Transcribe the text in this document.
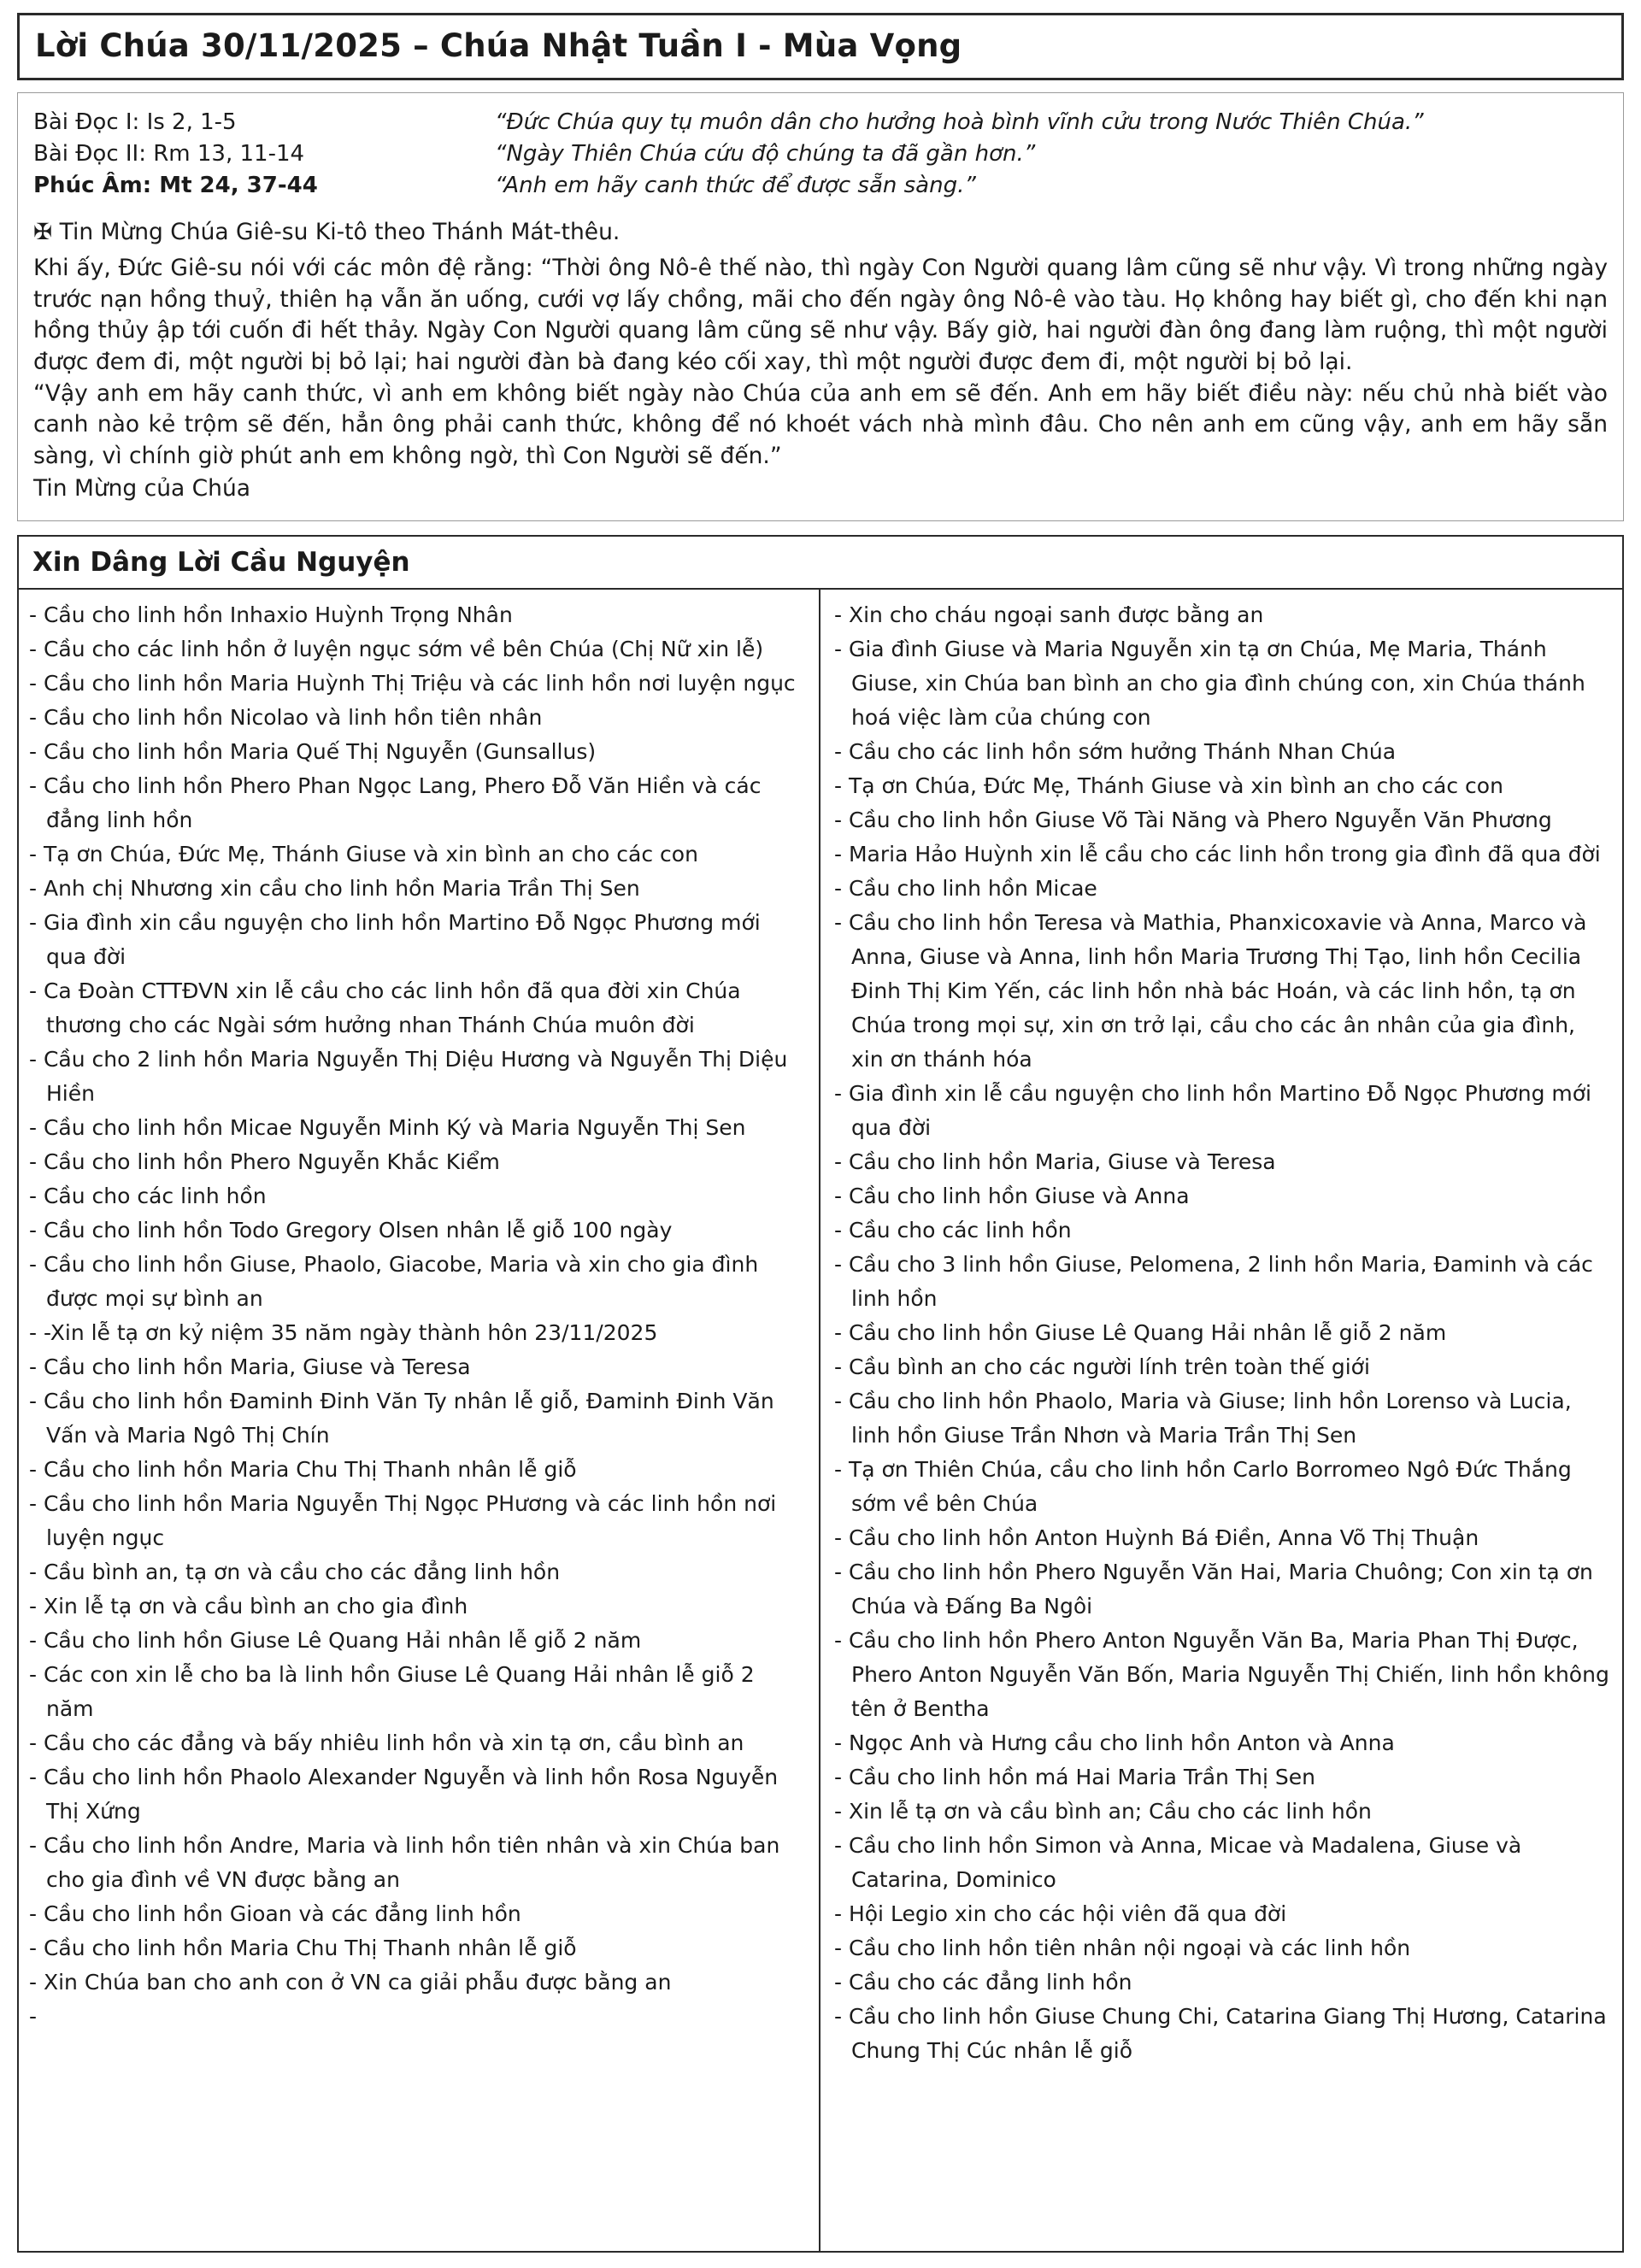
Lời Chúa 30/11/2025 – Chúa Nhật Tuần I - Mùa Vọng
Bài Đọc I: Is 2, 1-5	“Đức Chúa quy tụ muôn dân cho hưởng hoà bình vĩnh cửu trong Nước Thiên Chúa.”
Bài Đọc II: Rm 13, 11-14	“Ngày Thiên Chúa cứu độ chúng ta đã gần hơn.”
Phúc Âm: Mt 24, 37-44	“Anh em hãy canh thức để được sẵn sàng.”
✠ Tin Mừng Chúa Giê-su Ki-tô theo Thánh Mát-thêu.
Khi ấy, Đức Giê-su nói với các môn đệ rằng: “Thời ông Nô-ê thế nào, thì ngày Con Người quang lâm cũng sẽ như vậy. Vì trong những ngày trước nạn hồng thuỷ, thiên hạ vẫn ăn uống, cưới vợ lấy chồng, mãi cho đến ngày ông Nô-ê vào tàu. Họ không hay biết gì, cho đến khi nạn hồng thủy ập tới cuốn đi hết thảy. Ngày Con Người quang lâm cũng sẽ như vậy. Bấy giờ, hai người đàn ông đang làm ruộng, thì một người được đem đi, một người bị bỏ lại; hai người đàn bà đang kéo cối xay, thì một người được đem đi, một người bị bỏ lại.
“Vậy anh em hãy canh thức, vì anh em không biết ngày nào Chúa của anh em sẽ đến. Anh em hãy biết điều này: nếu chủ nhà biết vào canh nào kẻ trộm sẽ đến, hẳn ông phải canh thức, không để nó khoét vách nhà mình đâu. Cho nên anh em cũng vậy, anh em hãy sẵn sàng, vì chính giờ phút anh em không ngờ, thì Con Người sẽ đến.”
Tin Mừng của Chúa
Xin Dâng Lời Cầu Nguyện
- Cầu cho linh hồn Inhaxio Huỳnh Trọng Nhân
- Cầu cho các linh hồn ở luyện ngục sớm về bên Chúa (Chị Nữ xin lễ)
- Cầu cho linh hồn Maria Huỳnh Thị Triệu và các linh hồn nơi luyện ngục
- Cầu cho linh hồn Nicolao và linh hồn tiên nhân
- Cầu cho linh hồn Maria Quế Thị Nguyễn (Gunsallus)
- Cầu cho linh hồn Phero Phan Ngọc Lang, Phero Đỗ Văn Hiền và các đẳng linh hồn
- Tạ ơn Chúa, Đức Mẹ, Thánh Giuse và xin bình an cho các con
- Anh chị Nhương xin cầu cho linh hồn Maria Trần Thị Sen
- Gia đình xin cầu nguyện cho linh hồn Martino Đỗ Ngọc Phương mới qua đời
- Ca Đoàn CTTĐVN xin lễ cầu cho các linh hồn đã qua đời xin Chúa thương cho các Ngài sớm hưởng nhan Thánh Chúa muôn đời
- Cầu cho 2 linh hồn Maria Nguyễn Thị Diệu Hương và Nguyễn Thị Diệu Hiền
- Cầu cho linh hồn Micae Nguyễn Minh Ký và Maria Nguyễn Thị Sen
- Cầu cho linh hồn Phero Nguyễn Khắc Kiểm
- Cầu cho các linh hồn
- Cầu cho linh hồn Todo Gregory Olsen nhân lễ giỗ 100 ngày
- Cầu cho linh hồn Giuse, Phaolo, Giacobe, Maria và xin cho gia đình được mọi sự bình an
- -Xin lễ tạ ơn kỷ niệm 35 năm ngày thành hôn 23/11/2025
- Cầu cho linh hồn Maria, Giuse và Teresa
- Cầu cho linh hồn Đaminh Đinh Văn Ty nhân lễ giỗ, Đaminh Đinh Văn Vấn và Maria Ngô Thị Chín
- Cầu cho linh hồn Maria Chu Thị Thanh nhân lễ giỗ
- Cầu cho linh hồn Maria Nguyễn Thị Ngọc PHương và các linh hồn nơi luyện ngục
- Cầu bình an, tạ ơn và cầu cho các đẳng linh hồn
- Xin lễ tạ ơn và cầu bình an cho gia đình
- Cầu cho linh hồn Giuse Lê Quang Hải nhân lễ giỗ 2 năm
- Các con xin lễ cho ba là linh hồn Giuse Lê Quang Hải nhân lễ giỗ 2 năm
- Cầu cho các đẳng và bấy nhiêu linh hồn và xin tạ ơn, cầu bình an
- Cầu cho linh hồn Phaolo Alexander Nguyễn và linh hồn Rosa Nguyễn Thị Xứng
- Cầu cho linh hồn Andre, Maria và linh hồn tiên nhân và xin Chúa ban cho gia đình về VN được bằng an
- Cầu cho linh hồn Gioan và các đẳng linh hồn
- Cầu cho linh hồn Maria Chu Thị Thanh nhân lễ giỗ
- Xin Chúa ban cho anh con ở VN ca giải phẫu được bằng an
-
- Xin cho cháu ngoại sanh được bằng an
- Gia đình Giuse và Maria Nguyễn xin tạ ơn Chúa, Mẹ Maria, Thánh Giuse, xin Chúa ban bình an cho gia đình chúng con, xin Chúa thánh hoá việc làm của chúng con
- Cầu cho các linh hồn sớm hưởng Thánh Nhan Chúa
- Tạ ơn Chúa, Đức Mẹ, Thánh Giuse và xin bình an cho các con
- Cầu cho linh hồn Giuse Võ Tài Năng và Phero Nguyễn Văn Phương
- Maria Hảo Huỳnh xin lễ cầu cho các linh hồn trong gia đình đã qua đời
- Cầu cho linh hồn Micae
- Cầu cho linh hồn Teresa và Mathia, Phanxicoxavie và Anna, Marco và Anna, Giuse và Anna, linh hồn Maria Trương Thị Tạo, linh hồn Cecilia Đinh Thị Kim Yến, các linh hồn nhà bác Hoán, và các linh hồn, tạ ơn Chúa trong mọi sự, xin ơn trở lại, cầu cho các ân nhân của gia đình, xin ơn thánh hóa
- Gia đình xin lễ cầu nguyện cho linh hồn Martino Đỗ Ngọc Phương mới qua đời
- Cầu cho linh hồn Maria, Giuse và Teresa
- Cầu cho linh hồn Giuse và Anna
- Cầu cho các linh hồn
- Cầu cho 3 linh hồn Giuse, Pelomena, 2 linh hồn Maria, Đaminh và các linh hồn
- Cầu cho linh hồn Giuse Lê Quang Hải nhân lễ giỗ 2 năm
- Cầu bình an cho các người lính trên toàn thế giới
- Cầu cho linh hồn Phaolo, Maria và Giuse; linh hồn Lorenso và Lucia, linh hồn Giuse Trần Nhơn và Maria Trần Thị Sen
- Tạ ơn Thiên Chúa, cầu cho linh hồn Carlo Borromeo Ngô Đức Thắng sớm về bên Chúa
- Cầu cho linh hồn Anton Huỳnh Bá Điền, Anna Võ Thị Thuận
- Cầu cho linh hồn Phero Nguyễn Văn Hai, Maria Chuông; Con xin tạ ơn Chúa và Đấng Ba Ngôi
- Cầu cho linh hồn Phero Anton Nguyễn Văn Ba, Maria Phan Thị Được, Phero Anton Nguyễn Văn Bốn, Maria Nguyễn Thị Chiến, linh hồn không tên ở Bentha
- Ngọc Anh và Hưng cầu cho linh hồn Anton và Anna
- Cầu cho linh hồn má Hai Maria Trần Thị Sen
- Xin lễ tạ ơn và cầu bình an; Cầu cho các linh hồn
- Cầu cho linh hồn Simon và Anna, Micae và Madalena, Giuse và Catarina, Dominico
- Hội Legio xin cho các hội viên đã qua đời
- Cầu cho linh hồn tiên nhân nội ngoại và các linh hồn
- Cầu cho các đẳng linh hồn
- Cầu cho linh hồn Giuse Chung Chi, Catarina Giang Thị Hương, Catarina Chung Thị Cúc nhân lễ giỗ
